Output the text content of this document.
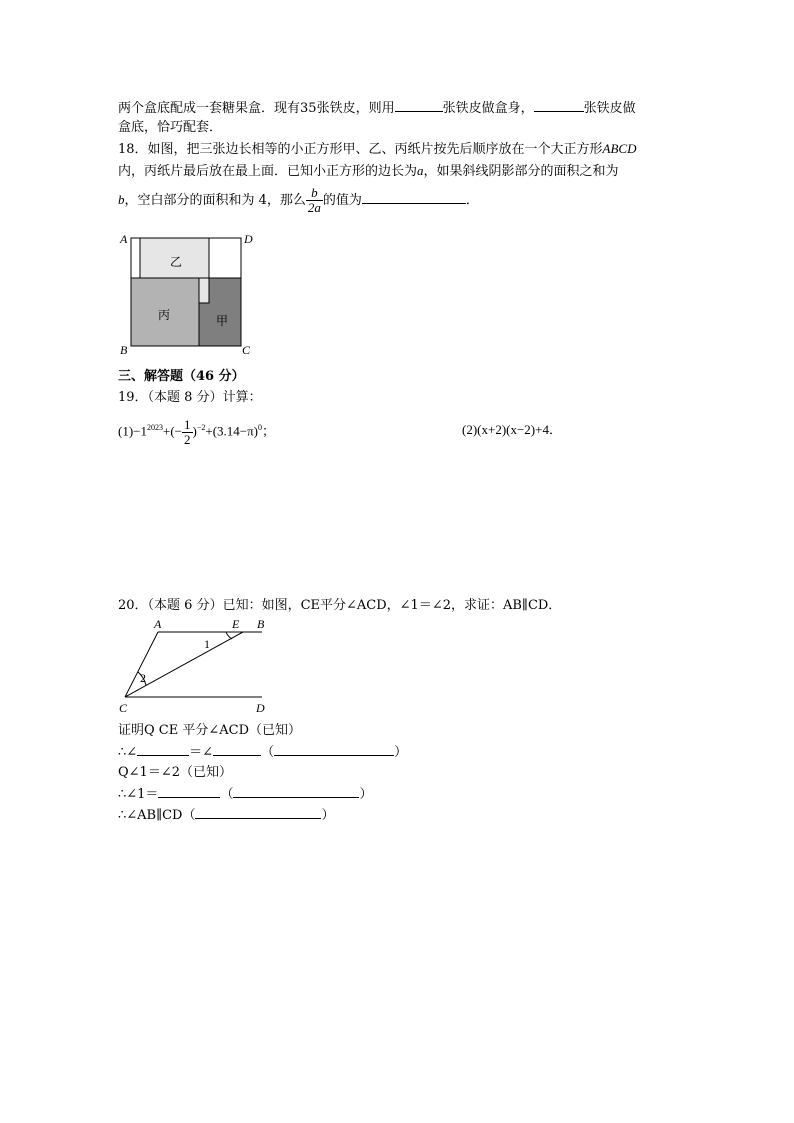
两个盒底配成一套糖果盒．现有35张铁皮，则用	张铁皮做盒身，	张铁皮做
盒底，恰巧配套．
18．如图，把三张边长相等的小正方形甲、乙、丙纸片按先后顺序放在一个大正方形ABCD
内，丙纸片最后放在最上面．已知小正方形的边长为a，如果斜线阴影部分的面积之和为
b，空白部分的面积和为 4，那么 $\frac{b}{2a}$ 的值为	．
A	D
B	C
乙
丙	甲
三、解答题（46 分）
19．（本题 8 分）计算：
$(1)-1^{2023}+(- \frac{1}{2} )^{-2}+(3.14-\pi)^0$；	(2)(x+2)(x−2)+4．
20．（本题 6 分）已知：如图，CE平分∠ACD，∠1＝∠2，求证：AB∥CD．
A	E B
C	D
1
2
证明Q CE 平分∠ACD（已知）
∴∠	＝∠	（	）
Q∠1＝∠2（已知）
∴∠1＝	（	）
∴∠AB∥CD（	）
